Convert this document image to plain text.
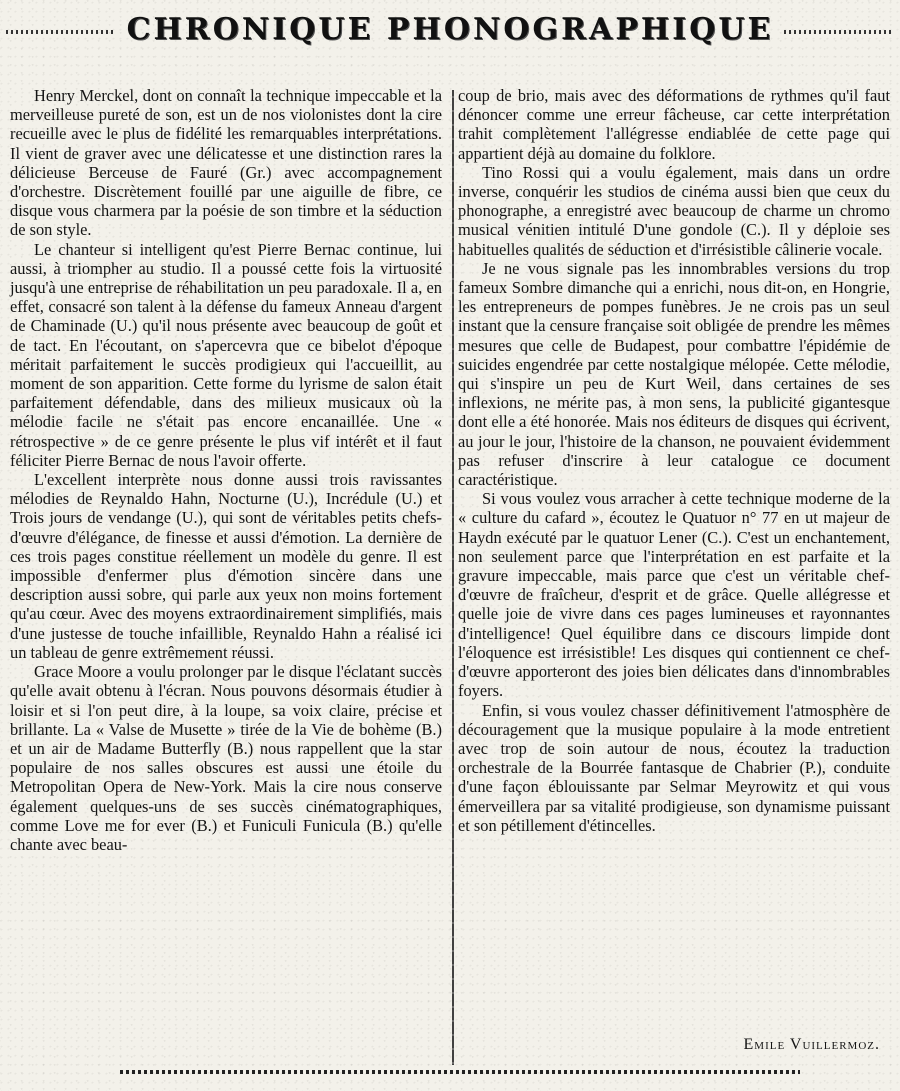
CHRONIQUE PHONOGRAPHIQUE

Henry Merckel, dont on connaît la technique impeccable et la merveilleuse pureté de son, est un de nos violonistes dont la cire recueille avec le plus de fidélité les remarquables interprétations. Il vient de graver avec une délicatesse et une distinction rares la délicieuse Berceuse de Fauré (Gr.) avec accompagnement d'orchestre. Discrètement fouillé par une aiguille de fibre, ce disque vous charmera par la poésie de son timbre et la séduction de son style.

Le chanteur si intelligent qu'est Pierre Bernac continue, lui aussi, à triompher au studio. Il a poussé cette fois la virtuosité jusqu'à une entreprise de réhabilitation un peu paradoxale. Il a, en effet, consacré son talent à la défense du fameux Anneau d'argent de Chaminade (U.) qu'il nous présente avec beaucoup de goût et de tact. En l'écoutant, on s'apercevra que ce bibelot d'époque méritait parfaitement le succès prodigieux qui l'accueillit, au moment de son apparition. Cette forme du lyrisme de salon était parfaitement défendable, dans des milieux musicaux où la mélodie facile ne s'était pas encore encanaillée. Une « rétrospective » de ce genre présente le plus vif intérêt et il faut féliciter Pierre Bernac de nous l'avoir offerte.

L'excellent interprète nous donne aussi trois ravissantes mélodies de Reynaldo Hahn, Nocturne (U.), Incrédule (U.) et Trois jours de vendange (U.), qui sont de véritables petits chefs-d'œuvre d'élégance, de finesse et aussi d'émotion. La dernière de ces trois pages constitue réellement un modèle du genre. Il est impossible d'enfermer plus d'émotion sincère dans une description aussi sobre, qui parle aux yeux non moins fortement qu'au cœur. Avec des moyens extraordinairement simplifiés, mais d'une justesse de touche infaillible, Reynaldo Hahn a réalisé ici un tableau de genre extrêmement réussi.

Grace Moore a voulu prolonger par le disque l'éclatant succès qu'elle avait obtenu à l'écran. Nous pouvons désormais étudier à loisir et si l'on peut dire, à la loupe, sa voix claire, précise et brillante. La « Valse de Musette » tirée de la Vie de bohème (B.) et un air de Madame Butterfly (B.) nous rappellent que la star populaire de nos salles obscures est aussi une étoile du Metropolitan Opera de New-York. Mais la cire nous conserve également quelques-uns de ses succès cinématographiques, comme Love me for ever (B.) et Funiculi Funicula (B.) qu'elle chante avec beau-

coup de brio, mais avec des déformations de rythmes qu'il faut dénoncer comme une erreur fâcheuse, car cette interprétation trahit complètement l'allégresse endiablée de cette page qui appartient déjà au domaine du folklore.

Tino Rossi qui a voulu également, mais dans un ordre inverse, conquérir les studios de cinéma aussi bien que ceux du phonographe, a enregistré avec beaucoup de charme un chromo musical vénitien intitulé D'une gondole (C.). Il y déploie ses habituelles qualités de séduction et d'irrésistible câlinerie vocale.

Je ne vous signale pas les innombrables versions du trop fameux Sombre dimanche qui a enrichi, nous dit-on, en Hongrie, les entrepreneurs de pompes funèbres. Je ne crois pas un seul instant que la censure française soit obligée de prendre les mêmes mesures que celle de Budapest, pour combattre l'épidémie de suicides engendrée par cette nostalgique mélopée. Cette mélodie, qui s'inspire un peu de Kurt Weil, dans certaines de ses inflexions, ne mérite pas, à mon sens, la publicité gigantesque dont elle a été honorée. Mais nos éditeurs de disques qui écrivent, au jour le jour, l'histoire de la chanson, ne pouvaient évidemment pas refuser d'inscrire à leur catalogue ce document caractéristique.

Si vous voulez vous arracher à cette technique moderne de la « culture du cafard », écoutez le Quatuor n° 77 en ut majeur de Haydn exécuté par le quatuor Lener (C.). C'est un enchantement, non seulement parce que l'interprétation en est parfaite et la gravure impeccable, mais parce que c'est un véritable chef-d'œuvre de fraîcheur, d'esprit et de grâce. Quelle allégresse et quelle joie de vivre dans ces pages lumineuses et rayonnantes d'intelligence! Quel équilibre dans ce discours limpide dont l'éloquence est irrésistible! Les disques qui contiennent ce chef-d'œuvre apporteront des joies bien délicates dans d'innombrables foyers.

Enfin, si vous voulez chasser définitivement l'atmosphère de découragement que la musique populaire à la mode entretient avec trop de soin autour de nous, écoutez la traduction orchestrale de la Bourrée fantasque de Chabrier (P.), conduite d'une façon éblouissante par Selmar Meyrowitz et qui vous émerveillera par sa vitalité prodigieuse, son dynamisme puissant et son pétillement d'étincelles.

Emile Vuillermoz.
